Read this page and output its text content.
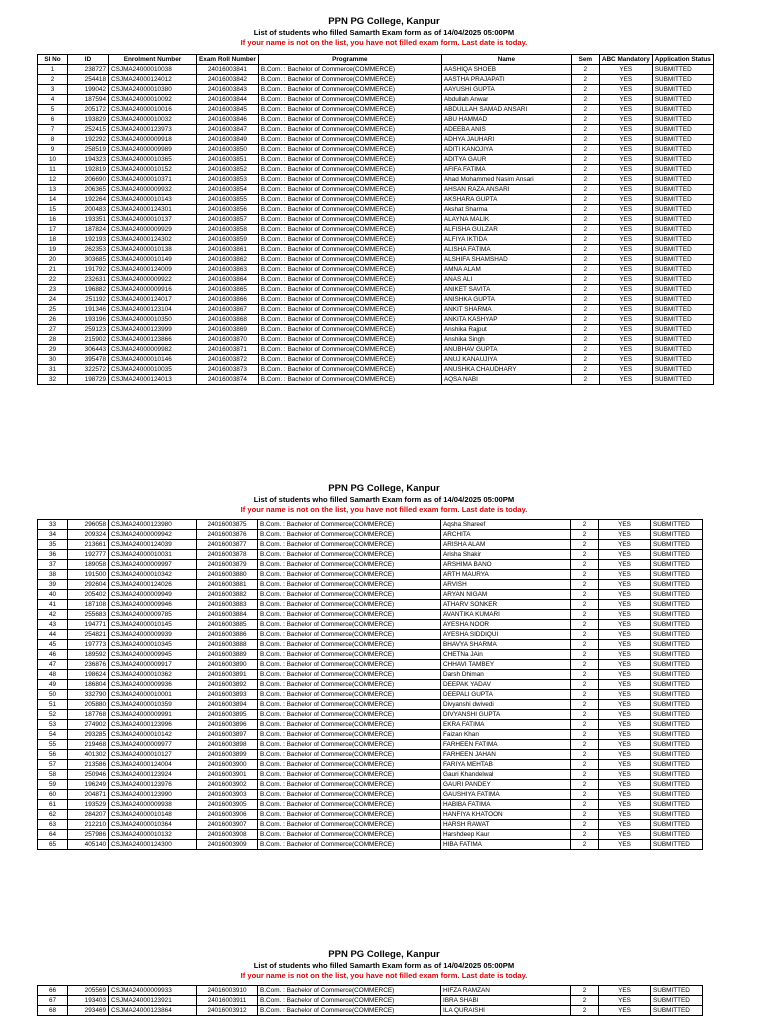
PPN PG College, Kanpur
List of students who filled Samarth Exam form as of 14/04/2025 05:00PM
If your name is not on the list, you have not filled exam form. Last date is today.
Sl No	ID	Enrolment Number	Exam Roll Number	Programme	Name	Sem	ABC Mandatory	Application Status
1	238727	CSJMA24000010038	24016003841	B.Com. : Bachelor of Commerce(COMMERCE)	AASHIQA SHOEB	2	YES	SUBMITTED
2	254418	CSJMA24000124012	24016003842	B.Com. : Bachelor of Commerce(COMMERCE)	AASTHA PRAJAPATI	2	YES	SUBMITTED
3	199042	CSJMA24000010380	24016003843	B.Com. : Bachelor of Commerce(COMMERCE)	AAYUSHI GUPTA	2	YES	SUBMITTED
4	187594	CSJMA24000010092	24016003844	B.Com. : Bachelor of Commerce(COMMERCE)	Abdullah Anwar	2	YES	SUBMITTED
5	205172	CSJMA24000010016	24016003845	B.Com. : Bachelor of Commerce(COMMERCE)	ABDULLAH SAMAD ANSARI	2	YES	SUBMITTED
6	193829	CSJMA24000010032	24016003846	B.Com. : Bachelor of Commerce(COMMERCE)	ABU HAMMAD	2	YES	SUBMITTED
7	252415	CSJMA24000123973	24016003847	B.Com. : Bachelor of Commerce(COMMERCE)	ADEEBA ANIS	2	YES	SUBMITTED
8	192292	CSJMA24000009918	24016003849	B.Com. : Bachelor of Commerce(COMMERCE)	ADHYA JAUHARI	2	YES	SUBMITTED
9	258519	CSJMA24000009989	24016003850	B.Com. : Bachelor of Commerce(COMMERCE)	ADITI KANOJIYA	2	YES	SUBMITTED
10	194323	CSJMA24000010365	24016003851	B.Com. : Bachelor of Commerce(COMMERCE)	ADITYA GAUR	2	YES	SUBMITTED
11	192819	CSJMA24000010152	24016003852	B.Com. : Bachelor of Commerce(COMMERCE)	AFIFA FATIMA	2	YES	SUBMITTED
12	206690	CSJMA24000010371	24016003853	B.Com. : Bachelor of Commerce(COMMERCE)	Ahad Mohammed Nasim Ansari	2	YES	SUBMITTED
13	206365	CSJMA24000009932	24016003854	B.Com. : Bachelor of Commerce(COMMERCE)	AHSAN RAZA ANSARI	2	YES	SUBMITTED
14	192264	CSJMA24000010143	24016003855	B.Com. : Bachelor of Commerce(COMMERCE)	AKSHARA GUPTA	2	YES	SUBMITTED
15	200483	CSJMA24000124301	24016003856	B.Com. : Bachelor of Commerce(COMMERCE)	Akshat Sharma	2	YES	SUBMITTED
16	193351	CSJMA24000010137	24016003857	B.Com. : Bachelor of Commerce(COMMERCE)	ALAYNA MALIK	2	YES	SUBMITTED
17	187824	CSJMA24000009929	24016003858	B.Com. : Bachelor of Commerce(COMMERCE)	ALFISHA GULZAR	2	YES	SUBMITTED
18	192193	CSJMA24000124302	24016003859	B.Com. : Bachelor of Commerce(COMMERCE)	ALFIYA IKTIDA	2	YES	SUBMITTED
19	262353	CSJMA24000010138	24016003861	B.Com. : Bachelor of Commerce(COMMERCE)	ALISHA FATIMA	2	YES	SUBMITTED
20	303685	CSJMA24000010149	24016003862	B.Com. : Bachelor of Commerce(COMMERCE)	ALSHIFA SHAMSHAD	2	YES	SUBMITTED
21	191792	CSJMA24000124009	24016003863	B.Com. : Bachelor of Commerce(COMMERCE)	AMNA ALAM	2	YES	SUBMITTED
22	232631	CSJMA24000009922	24016003864	B.Com. : Bachelor of Commerce(COMMERCE)	ANAS ALI	2	YES	SUBMITTED
23	196882	CSJMA24000009916	24016003865	B.Com. : Bachelor of Commerce(COMMERCE)	ANIKET SAVITA	2	YES	SUBMITTED
24	251192	CSJMA24000124017	24016003866	B.Com. : Bachelor of Commerce(COMMERCE)	ANISHKA GUPTA	2	YES	SUBMITTED
25	191346	CSJMA24000123104	24016003867	B.Com. : Bachelor of Commerce(COMMERCE)	ANKIT SHARMA	2	YES	SUBMITTED
26	193196	CSJMA24000010350	24016003868	B.Com. : Bachelor of Commerce(COMMERCE)	ANKITA KASHYAP	2	YES	SUBMITTED
27	259123	CSJMA24000123999	24016003869	B.Com. : Bachelor of Commerce(COMMERCE)	Anshika Rajput	2	YES	SUBMITTED
28	215902	CSJMA24000123866	24016003870	B.Com. : Bachelor of Commerce(COMMERCE)	Anshika Singh	2	YES	SUBMITTED
29	306443	CSJMA24000009982	24016003871	B.Com. : Bachelor of Commerce(COMMERCE)	ANUBHAV GUPTA	2	YES	SUBMITTED
30	395478	CSJMA24000010146	24016003872	B.Com. : Bachelor of Commerce(COMMERCE)	ANUJ KANAUJIYA	2	YES	SUBMITTED
31	322572	CSJMA24000010035	24016003873	B.Com. : Bachelor of Commerce(COMMERCE)	ANUSHKA CHAUDHARY	2	YES	SUBMITTED
32	198729	CSJMA24000124013	24016003874	B.Com. : Bachelor of Commerce(COMMERCE)	AQSA NABI	2	YES	SUBMITTED
PPN PG College, Kanpur
List of students who filled Samarth Exam form as of 14/04/2025 05:00PM
If your name is not on the list, you have not filled exam form. Last date is today.
33	296058	CSJMA24000123980	24016003875	B.Com. : Bachelor of Commerce(COMMERCE)	Aqsha Shareef	2	YES	SUBMITTED
34	209324	CSJMA24000009942	24016003876	B.Com. : Bachelor of Commerce(COMMERCE)	ARCHITA	2	YES	SUBMITTED
35	213661	CSJMA24000124039	24016003877	B.Com. : Bachelor of Commerce(COMMERCE)	ARISHA ALAM	2	YES	SUBMITTED
36	192777	CSJMA24000010031	24016003878	B.Com. : Bachelor of Commerce(COMMERCE)	Arisha Shakir	2	YES	SUBMITTED
37	189058	CSJMA24000009997	24016003879	B.Com. : Bachelor of Commerce(COMMERCE)	ARSHIMA BANO	2	YES	SUBMITTED
38	191500	CSJMA24000010342	24016003880	B.Com. : Bachelor of Commerce(COMMERCE)	ARTH MAURYA	2	YES	SUBMITTED
39	292604	CSJMA24000124026	24016003881	B.Com. : Bachelor of Commerce(COMMERCE)	ARVISH	2	YES	SUBMITTED
40	205402	CSJMA24000009949	24016003882	B.Com. : Bachelor of Commerce(COMMERCE)	ARYAN NIGAM	2	YES	SUBMITTED
41	187108	CSJMA24000009946	24016003883	B.Com. : Bachelor of Commerce(COMMERCE)	ATHARV SONKER	2	YES	SUBMITTED
42	255683	CSJMA24000009785	24016003884	B.Com. : Bachelor of Commerce(COMMERCE)	AVANTIKA KUMARI	2	YES	SUBMITTED
43	194771	CSJMA24000010145	24016003885	B.Com. : Bachelor of Commerce(COMMERCE)	AYESHA NOOR	2	YES	SUBMITTED
44	254821	CSJMA24000009939	24016003886	B.Com. : Bachelor of Commerce(COMMERCE)	AYESHA SIDDIQUI	2	YES	SUBMITTED
45	197773	CSJMA24000010345	24016003888	B.Com. : Bachelor of Commerce(COMMERCE)	BHAVYA SHARMA	2	YES	SUBMITTED
46	189592	CSJMA24000009945	24016003889	B.Com. : Bachelor of Commerce(COMMERCE)	CHETNa JAin	2	YES	SUBMITTED
47	236876	CSJMA24000009917	24016003890	B.Com. : Bachelor of Commerce(COMMERCE)	CHHAVI TAMBEY	2	YES	SUBMITTED
48	198624	CSJMA24000010362	24016003891	B.Com. : Bachelor of Commerce(COMMERCE)	Darsh Dhiman	2	YES	SUBMITTED
49	186804	CSJMA24000009936	24016003892	B.Com. : Bachelor of Commerce(COMMERCE)	DEEPAK YADAV	2	YES	SUBMITTED
50	332790	CSJMA24000010001	24016003893	B.Com. : Bachelor of Commerce(COMMERCE)	DEEPALI GUPTA	2	YES	SUBMITTED
51	205880	CSJMA24000010359	24016003894	B.Com. : Bachelor of Commerce(COMMERCE)	Divyanshi dwivedi	2	YES	SUBMITTED
52	187768	CSJMA24000009991	24016003895	B.Com. : Bachelor of Commerce(COMMERCE)	DIVYANSHI GUPTA	2	YES	SUBMITTED
53	274902	CSJMA24000123996	24016003896	B.Com. : Bachelor of Commerce(COMMERCE)	EKRA FATIMA	2	YES	SUBMITTED
54	293285	CSJMA24000010142	24016003897	B.Com. : Bachelor of Commerce(COMMERCE)	Faizan Khan	2	YES	SUBMITTED
55	219468	CSJMA24000009977	24016003898	B.Com. : Bachelor of Commerce(COMMERCE)	FARHEEN FATIMA	2	YES	SUBMITTED
56	401302	CSJMA24000010127	24016003899	B.Com. : Bachelor of Commerce(COMMERCE)	FARHEEN JAHAN	2	YES	SUBMITTED
57	213586	CSJMA24000124004	24016003900	B.Com. : Bachelor of Commerce(COMMERCE)	FARIYA MEHTAB	2	YES	SUBMITTED
58	250946	CSJMA24000123924	24016003901	B.Com. : Bachelor of Commerce(COMMERCE)	Gauri Khandelwal	2	YES	SUBMITTED
59	196249	CSJMA24000123976	24016003902	B.Com. : Bachelor of Commerce(COMMERCE)	GAURI PANDEY	2	YES	SUBMITTED
60	204871	CSJMA24000123990	24016003903	B.Com. : Bachelor of Commerce(COMMERCE)	GAUSHIYA FATIMA	2	YES	SUBMITTED
61	193529	CSJMA24000009938	24016003905	B.Com. : Bachelor of Commerce(COMMERCE)	HABIBA FATIMA	2	YES	SUBMITTED
62	284207	CSJMA24000010148	24016003906	B.Com. : Bachelor of Commerce(COMMERCE)	HANFIYA KHATOON	2	YES	SUBMITTED
63	212210	CSJMA24000010364	24016003907	B.Com. : Bachelor of Commerce(COMMERCE)	HARSH RAWAT	2	YES	SUBMITTED
64	257986	CSJMA24000010132	24016003908	B.Com. : Bachelor of Commerce(COMMERCE)	Harshdeep Kaur	2	YES	SUBMITTED
65	405140	CSJMA24000124300	24016003909	B.Com. : Bachelor of Commerce(COMMERCE)	HIBA FATIMA	2	YES	SUBMITTED
PPN PG College, Kanpur
List of students who filled Samarth Exam form as of 14/04/2025 05:00PM
If your name is not on the list, you have not filled exam form. Last date is today.
66	205569	CSJMA24000009933	24016003910	B.Com. : Bachelor of Commerce(COMMERCE)	HIFZA RAMZAN	2	YES	SUBMITTED
67	193403	CSJMA24000123921	24016003911	B.Com. : Bachelor of Commerce(COMMERCE)	IBRA SHABI	2	YES	SUBMITTED
68	293469	CSJMA24000123864	24016003912	B.Com. : Bachelor of Commerce(COMMERCE)	ILA QURAISHI	2	YES	SUBMITTED
